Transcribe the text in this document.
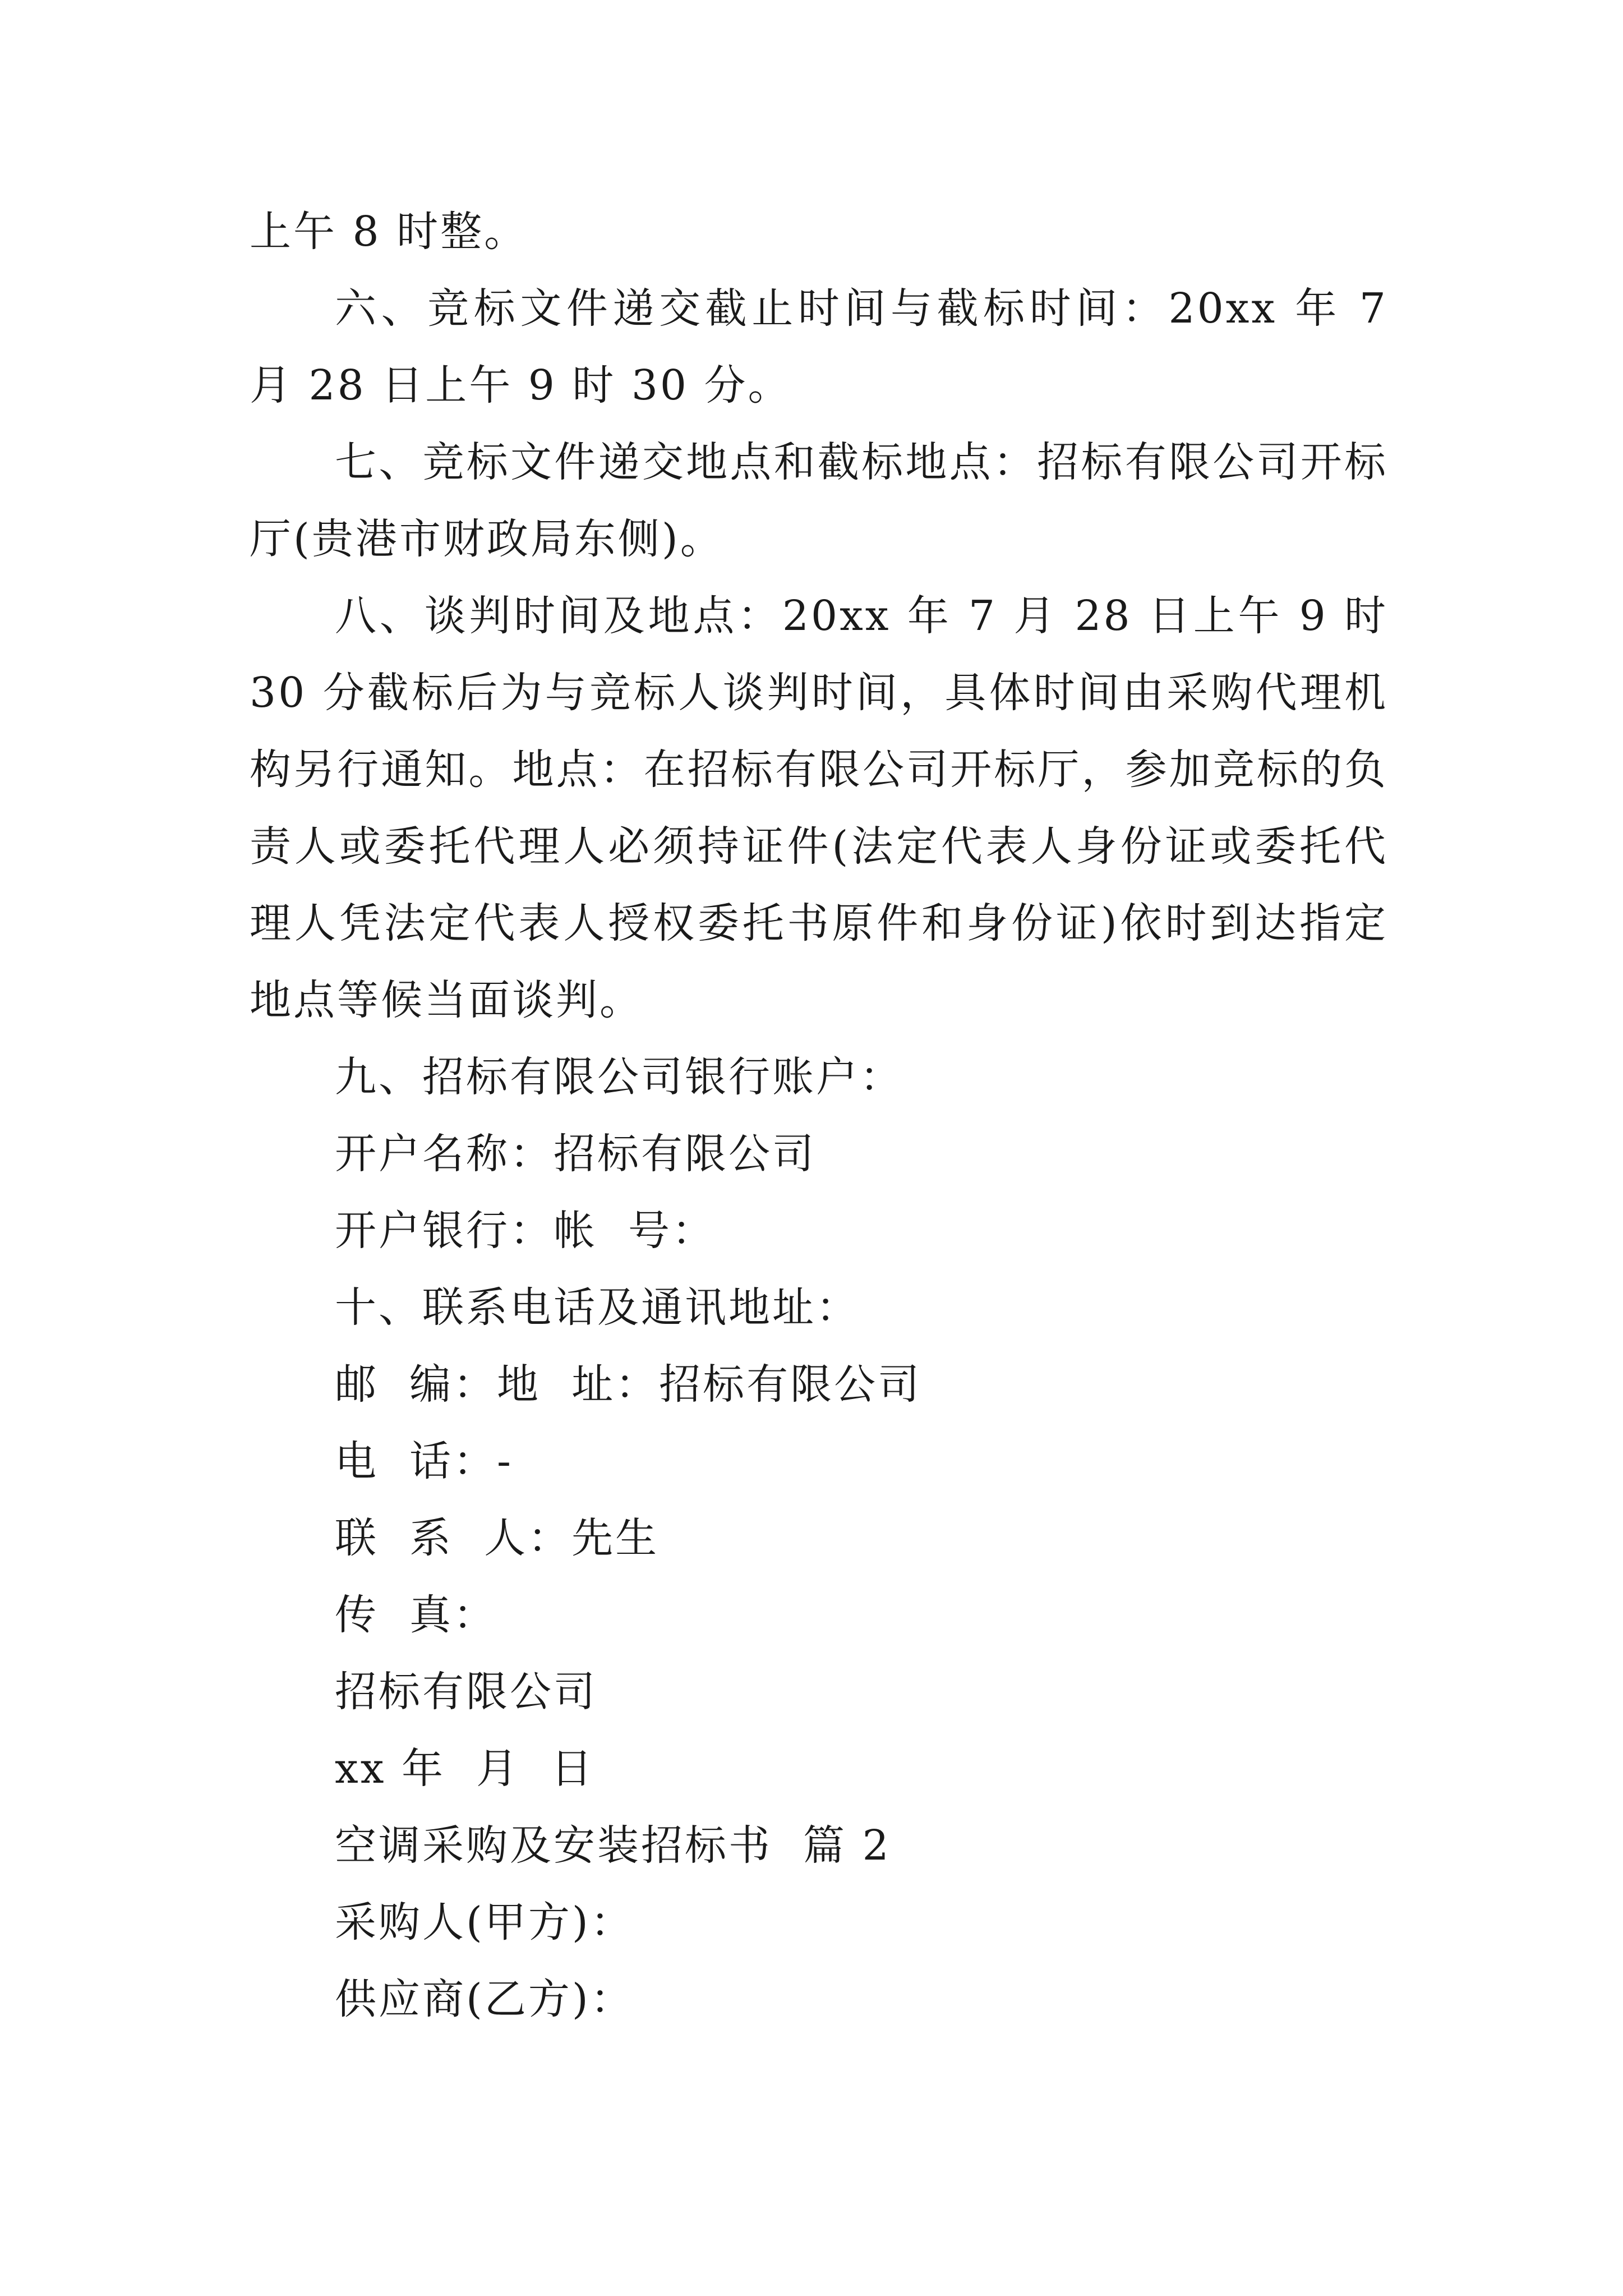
上午 8 时整。

六、竞标文件递交截止时间与截标时间：20xx 年 7 月 28 日上午 9 时 30 分。

七、竞标文件递交地点和截标地点：招标有限公司开标厅(贵港市财政局东侧)。

八、谈判时间及地点：20xx 年 7 月 28 日上午 9 时 30 分截标后为与竞标人谈判时间，具体时间由采购代理机构另行通知。地点：在招标有限公司开标厅，参加竞标的负责人或委托代理人必须持证件(法定代表人身份证或委托代理人凭法定代表人授权委托书原件和身份证)依时到达指定地点等候当面谈判。

九、招标有限公司银行账户：

开户名称：招标有限公司

开户银行：帐  号：

十、联系电话及通讯地址：

邮  编：地  址：招标有限公司

电  话：-

联  系  人：先生

传  真：

招标有限公司

xx 年  月  日

空调采购及安装招标书  篇 2

采购人(甲方)：

供应商(乙方)：
